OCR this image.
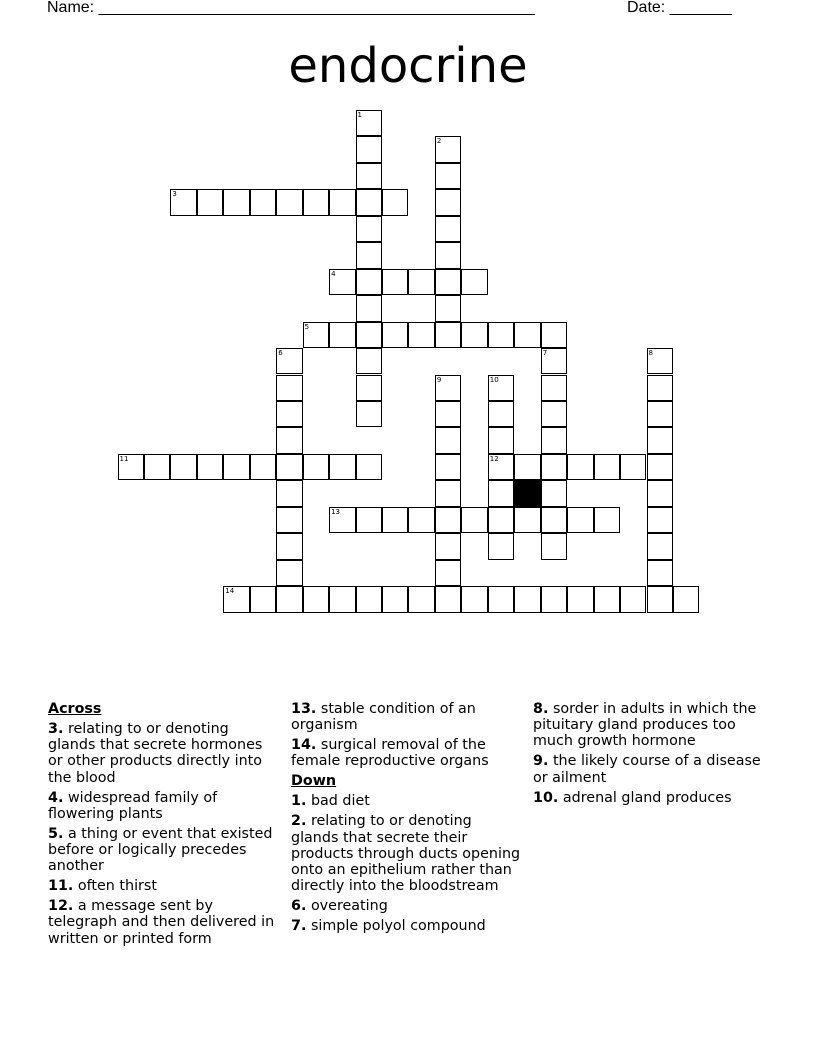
Name: _________________________________________________	Date: _______
endocrine
1
2
3
4
5
6	7	8
9	10
12
11
13
14
Across
3. relating to or denoting glands that secrete hormones or other products directly into the blood
4. widespread family of flowering plants
5. a thing or event that existed before or logically precedes another
11. often thirst
12. a message sent by telegraph and then delivered in written or printed form
13. stable condition of an organism
14. surgical removal of the female reproductive organs
Down
1. bad diet
2. relating to or denoting glands that secrete their products through ducts opening onto an epithelium rather than directly into the bloodstream
6. overeating
7. simple polyol compound
8. sorder in adults in which the pituitary gland produces too much growth hormone
9. the likely course of a disease or ailment
10. adrenal gland produces
